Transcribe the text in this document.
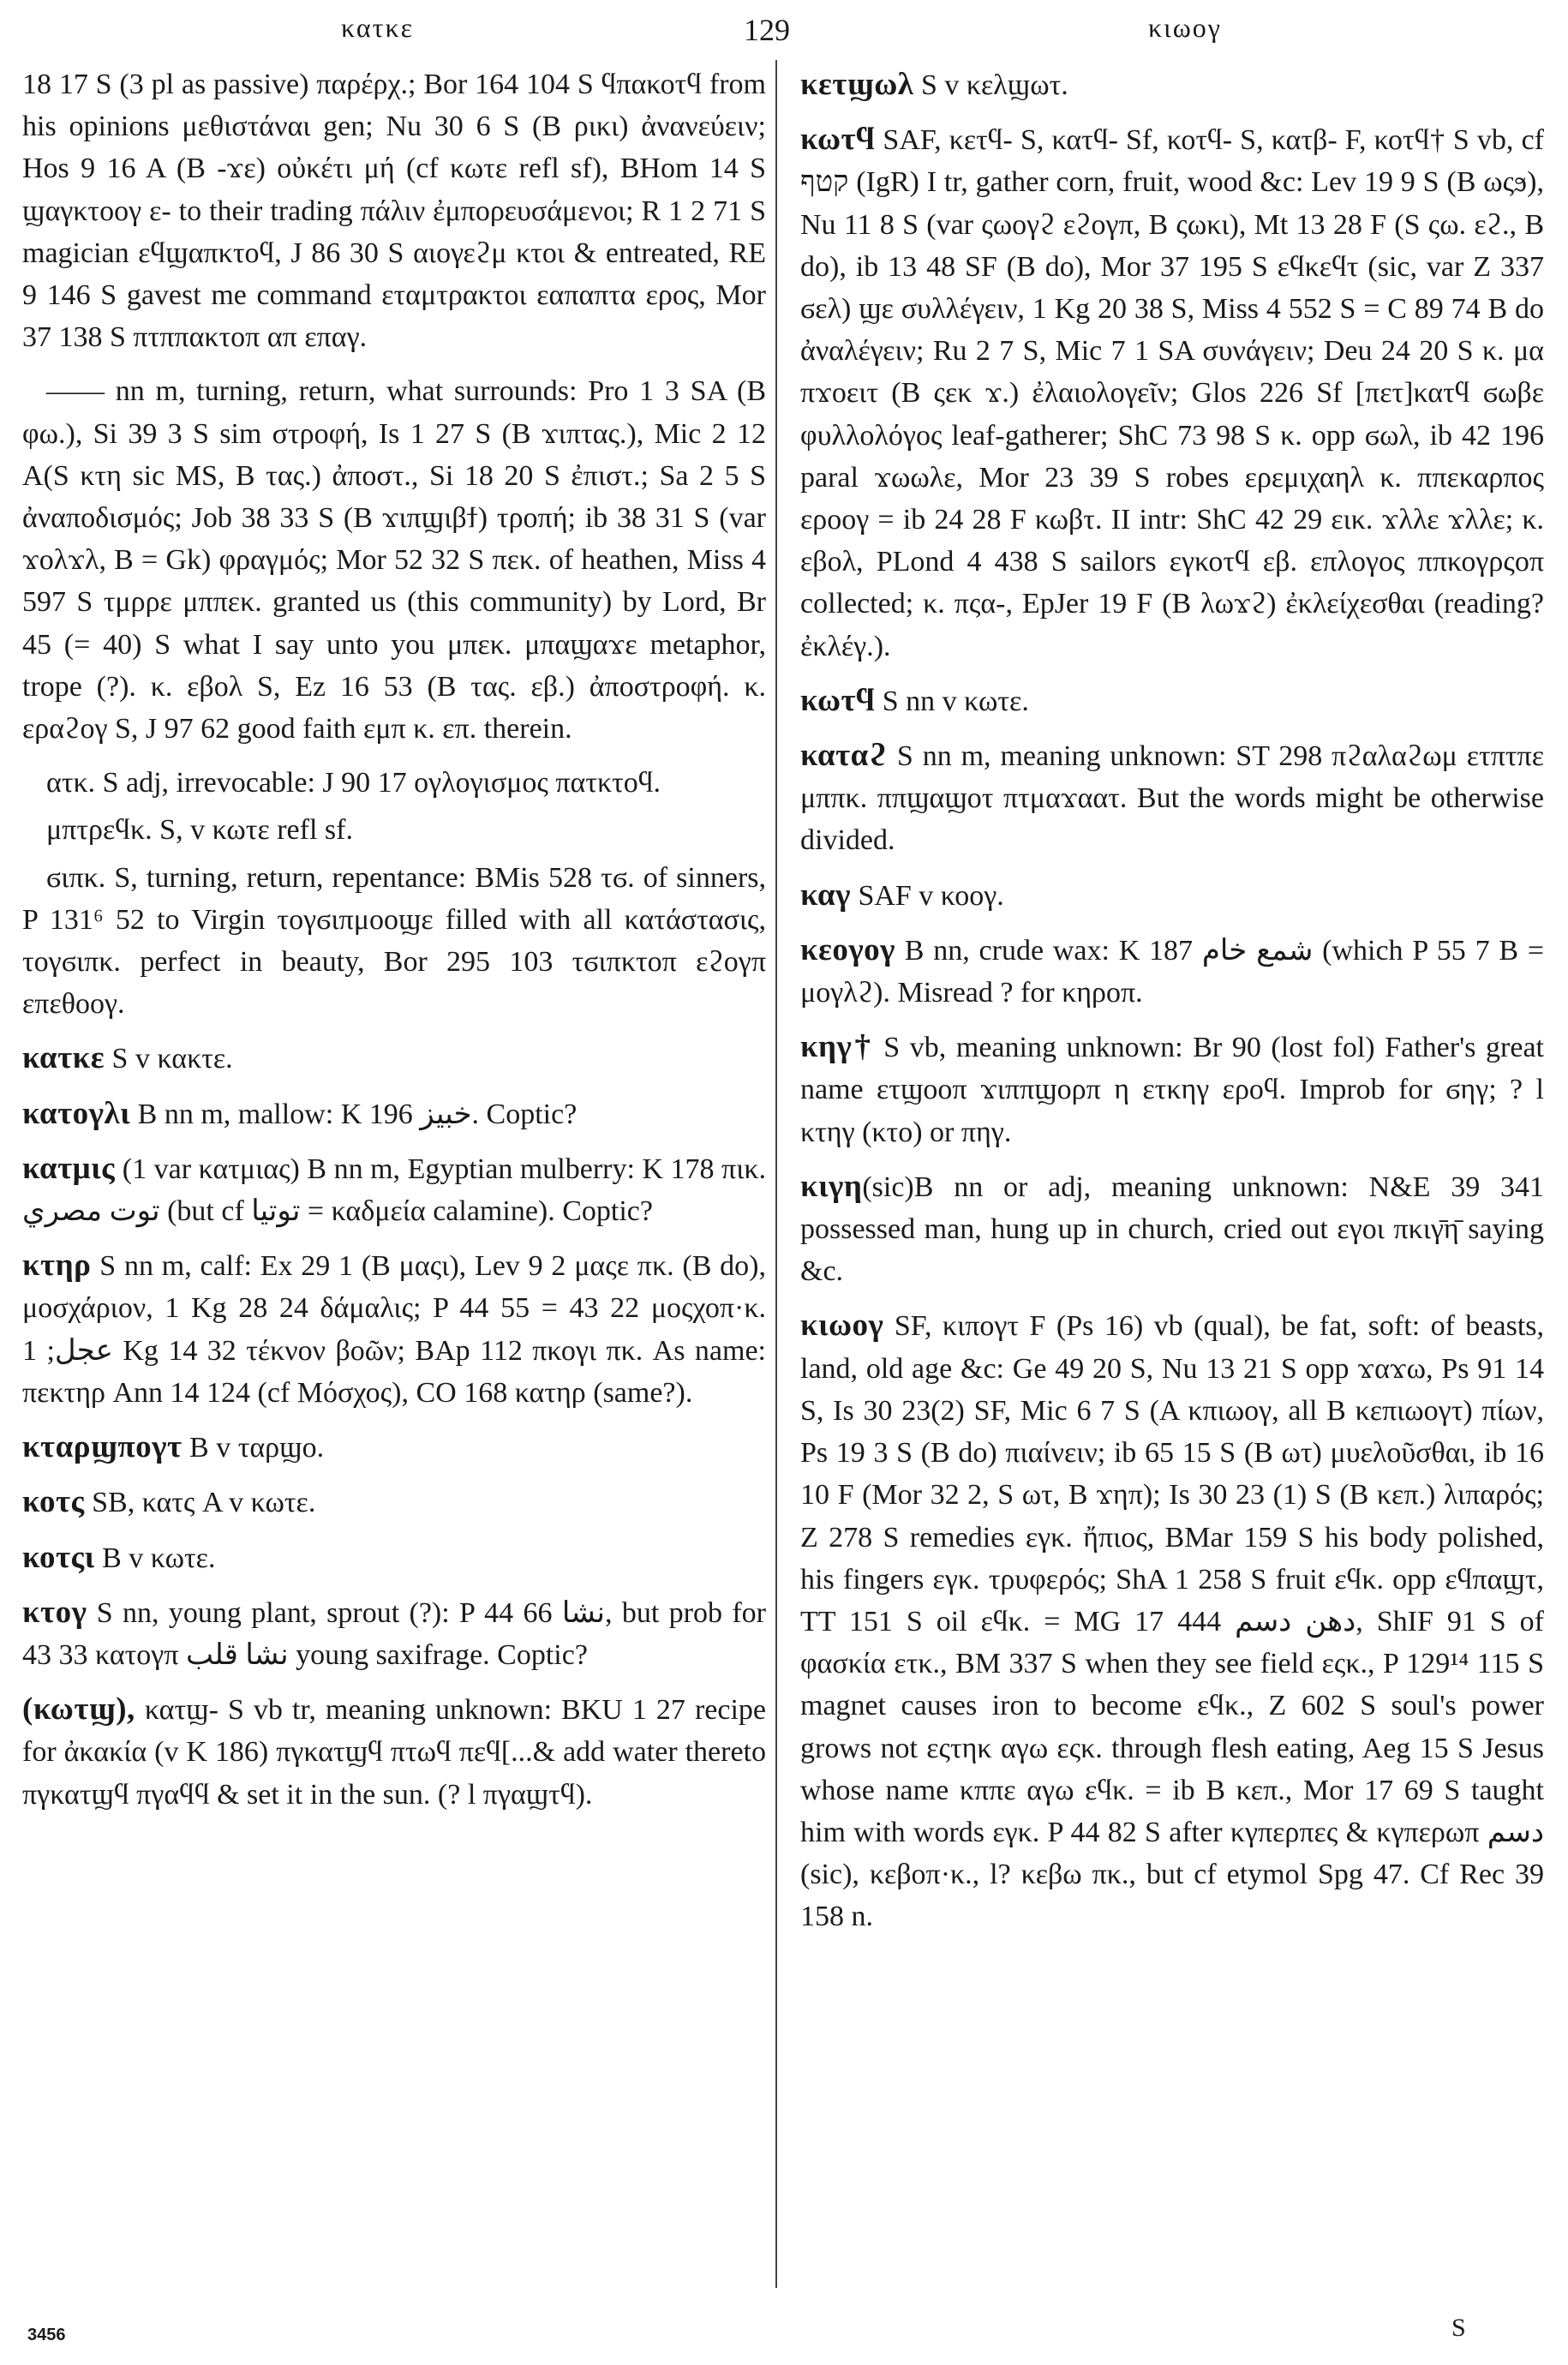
κατκε	129	κιωογ

18 17 S (3 pl as passive) παρέρχ.; Bor 164 104 S ϥπακοτϥ from his opinions μεθιστάναι gen; Nu 30 6 S (B ρικι) ἀνανεύειν; Hos 9 16 A (B -ϫε) οὐκέτι μή (cf κωτε refl sf), BHom 14 S ϣαγκτοογ ε- to their trading πάλιν ἐμπορευσάμενοι; R 1 2 71 S magician εϥϣαπκτοϥ, J 86 30 S αιογεϩμ κτοι & entreated, RE 9 146 S gavest me command εταμτρακτοι εαπαπτα ερος, Mor 37 138 S πτππακτοπ απ επαγ.

—— nn m, turning, return, what surrounds: Pro 1 3 SA (B φω.), Si 39 3 S sim στροφή, Is 1 27 S (B ϫιπτας.), Mic 2 12 A(S κτη sic MS, B τας.) ἀποστ., Si 18 20 S ἐπιστ.; Sa 2 5 S ἀναποδισμός; Job 38 33 S (B ϫιπϣιβϯ) τροπή; ib 38 31 S (var ϫολϫλ, B = Gk) φραγμός; Mor 52 32 S πεκ. of heathen, Miss 4 597 S τμρρε μππεκ. granted us (this community) by Lord, Br 45 (= 40) S what I say unto you μπεκ. μπαϣαϫε metaphor, trope (?). κ. εβολ S, Ez 16 53 (B τας. εβ.) ἀποστροφή. κ. εραϩογ S, J 97 62 good faith εμπ κ. επ. therein.

ατκ. S adj, irrevocable: J 90 17 ογλογισμος πατκτοϥ.

μπτρεϥκ. S, v κωτε refl sf.

ϭιπκ. S, turning, return, repentance: BMis 528 τϭ. of sinners, P 131⁶ 52 to Virgin τογϭιπμοοϣε filled with all κατάστασις, τογϭιπκ. perfect in beauty, Bor 295 103 τϭιπκτοπ εϩογπ επεθοογ.

κατκε S v κακτε.

κατογλι B nn m, mallow: K 196 خبيز. Coptic?

κατμις (1 var κατμιας) B nn m, Egyptian mulberry: K 178 πικ. توت مصري (but cf توتيا = καδμεία calamine). Coptic?

κτηρ S nn m, calf: Ex 29 1 (B μαςι), Lev 9 2 μαςε πκ. (B do), μοσχάριον, 1 Kg 28 24 δάμαλις; P 44 55 = 43 22 μοςχοπ·κ. عجل; 1 Kg 14 32 τέκνον βοῶν; BAp 112 πκογι πκ. As name: πεκτηρ Ann 14 124 (cf Μόσχος), CO 168 κατηρ (same?).

κταρϣπογτ B v ταρϣο.

κοτς SB, κατς A v κωτε.

κοτςι B v κωτε.

κτογ S nn, young plant, sprout (?): P 44 66 نشا, but prob for 43 33 κατογπ نشا قلب young saxifrage. Coptic?

(κωτϣ), κατϣ- S vb tr, meaning unknown: BKU 1 27 recipe for ἀκακία (v K 186) πγκατϣϥ πτωϥ πεϥ[...& add water thereto πγκατϣϥ πγαϥϥ & set it in the sun. (? l πγαϣτϥ).

κετϣωλ S v κελϣωτ.

κωτϥ SAF, κετϥ- S, κατϥ- Sf, κοτϥ- S, κατβ- F, κοτϥ† S vb, cf קטף (IgR) I tr, gather corn, fruit, wood &c: Lev 19 9 S (B ωςϧ), Nu 11 8 S (var ςωογϩ εϩογπ, B ςωκι), Mt 13 28 F (S ςω. εϩ., B do), ib 13 48 SF (B do), Mor 37 195 S εϥκεϥτ (sic, var Z 337 ϭελ) ϣε συλλέγειν, 1 Kg 20 38 S, Miss 4 552 S = C 89 74 B do ἀναλέγειν; Ru 2 7 S, Mic 7 1 SA συνάγειν; Deu 24 20 S κ. μα πϫοειτ (B ςεκ ϫ.) ἐλαιολογεῖν; Glos 226 Sf [πετ]κατϥ ϭωβε φυλλολόγος leaf-gatherer; ShC 73 98 S κ. opp ϭωλ, ib 42 196 paral ϫωωλε, Mor 23 39 S robes ερεμιχαηλ κ. ππεκαρπος εροογ = ib 24 28 F κωβτ. II intr: ShC 42 29 εικ. ϫλλε ϫλλε; κ. εβολ, PLond 4 438 S sailors εγκοτϥ εβ. επλογος ππκογρςοπ collected; κ. πςα-, EpJer 19 F (B λωϫϩ) ἐκλείχεσθαι (reading? ἐκλέγ.).

κωτϥ S nn v κωτε.

καταϩ S nn m, meaning unknown: ST 298 πϩαλαϩωμ ετπτπε μππκ. ππϣαϣοτ πτμαϫαατ. But the words might be otherwise divided.

καγ SAF v κοογ.

κεογογ B nn, crude wax: K 187 شمع خام (which P 55 7 B = μογλϩ). Misread ? for κηροπ.

κηγ† S vb, meaning unknown: Br 90 (lost fol) Father's great name ετϣοοπ ϫιππϣορπ η ετκηγ εροϥ. Improb for ϭηγ; ? l κτηγ (κτο) or πηγ.

κιγη(sic)B nn or adj, meaning unknown: N&E 39 341 possessed man, hung up in church, cried out εγοι πκιγ̄η̄ saying &c.

κιωογ SF, κιπογτ F (Ps 16) vb (qual), be fat, soft: of beasts, land, old age &c: Ge 49 20 S, Nu 13 21 S opp ϫαϫω, Ps 91 14 S, Is 30 23(2) SF, Mic 6 7 S (A κπιωογ, all B κεπιωογτ) πίων, Ps 19 3 S (B do) πιαίνειν; ib 65 15 S (B ωτ) μυελοῦσθαι, ib 16 10 F (Mor 32 2, S ωτ, B ϫηπ); Is 30 23 (1) S (B κεπ.) λιπαρός; Z 278 S remedies εγκ. ἤπιος, BMar 159 S his body polished, his fingers εγκ. τρυφερός; ShA 1 258 S fruit εϥκ. opp εϥπαϣτ, TT 151 S oil εϥκ. = MG 17 444 دهن دسم, ShIF 91 S of φασκία ετκ., BM 337 S when they see field εςκ., P 129¹⁴ 115 S magnet causes iron to become εϥκ., Z 602 S soul's power grows not εςτηκ αγω εςκ. through flesh eating, Aeg 15 S Jesus whose name κππε αγω εϥκ. = ib B κεπ., Mor 17 69 S taught him with words εγκ. P 44 82 S after κγπερπες & κγπερωπ دسم (sic), κεβοπ·κ., l? κεβω πκ., but cf etymol Spg 47. Cf Rec 39 158 n.

3456	S
